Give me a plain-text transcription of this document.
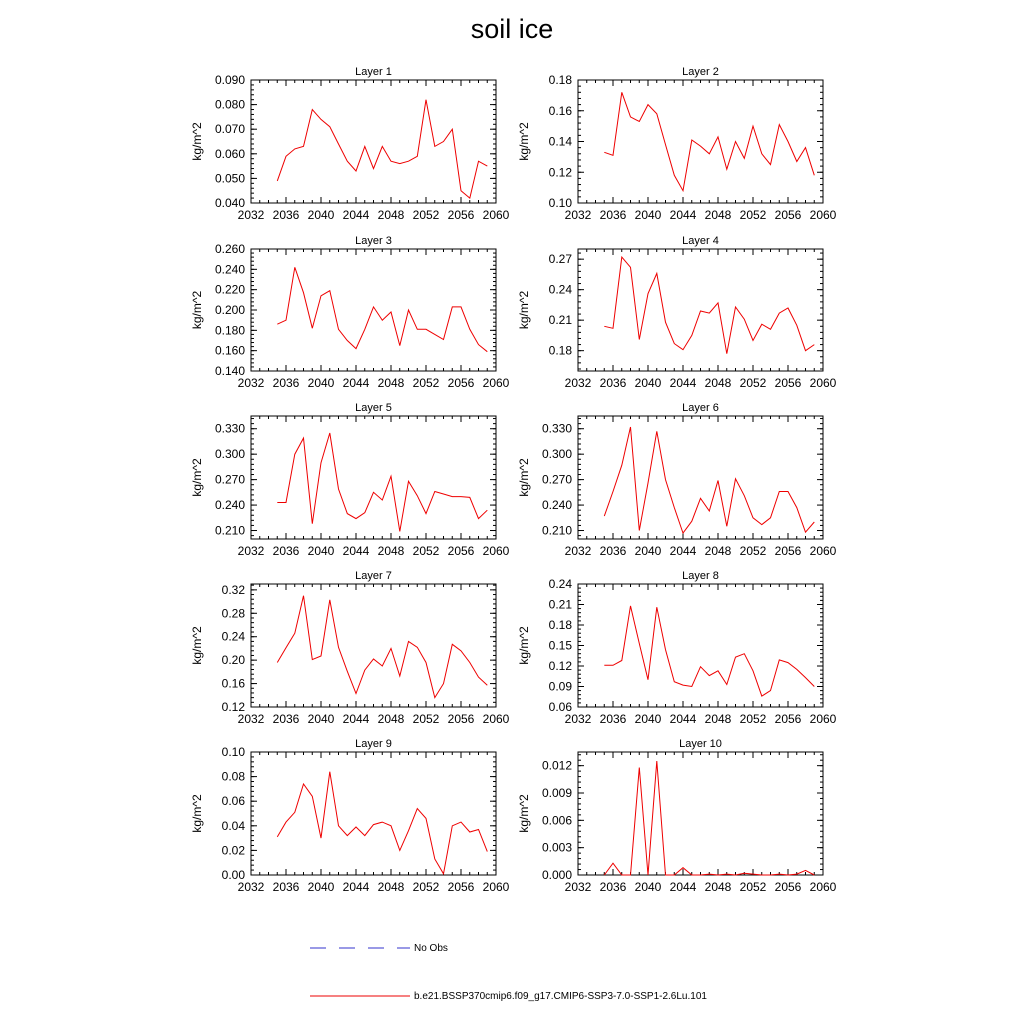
soil ice
Layer 1
2032 2036 2040 2044 2048 2052 2056 2060
0.040
0.050
0.060
0.070
0.080
0.090
kg/m^2
Layer 2
2032 2036 2040 2044 2048 2052 2056 2060
0.10
0.12
0.14
0.16
0.18
kg/m^2
Layer 3
2032 2036 2040 2044 2048 2052 2056 2060
0.140
0.160
0.180
0.200
0.220
0.240
0.260
kg/m^2
Layer 4
2032 2036 2040 2044 2048 2052 2056 2060
0.18
0.21
0.24
0.27
kg/m^2
Layer 5
2032 2036 2040 2044 2048 2052 2056 2060
0.210
0.240
0.270
0.300
0.330
kg/m^2
Layer 6
2032 2036 2040 2044 2048 2052 2056 2060
0.210
0.240
0.270
0.300
0.330
kg/m^2
Layer 7
2032 2036 2040 2044 2048 2052 2056 2060
0.12
0.16
0.20
0.24
0.28
0.32
kg/m^2
Layer 8
2032 2036 2040 2044 2048 2052 2056 2060
0.06
0.09
0.12
0.15
0.18
0.21
0.24
kg/m^2
Layer 9
2032 2036 2040 2044 2048 2052 2056 2060
0.00
0.02
0.04
0.06
0.08
0.10
kg/m^2
Layer 10
2032 2036 2040 2044 2048 2052 2056 2060
0.000
0.003
0.006
0.009
0.012
kg/m^2
No Obs
b.e21.BSSP370cmip6.f09_g17.CMIP6-SSP3-7.0-SSP1-2.6Lu.101
